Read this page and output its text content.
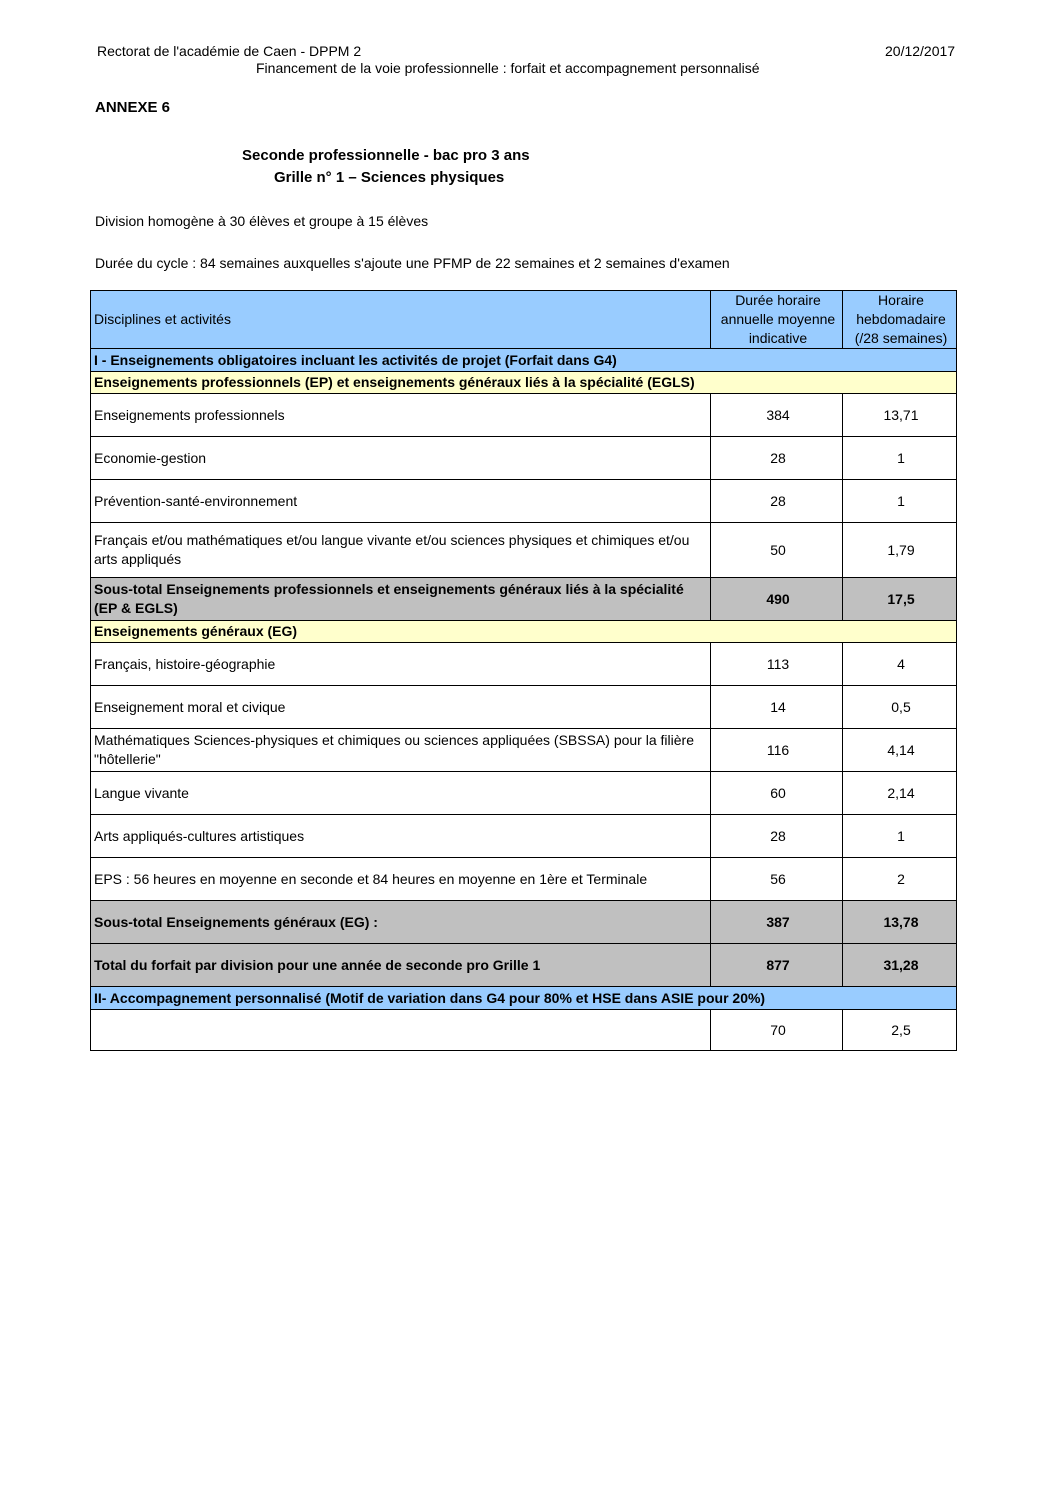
Rectorat de l'académie de Caen - DPPM 2	20/12/2017
Financement de la voie professionnelle : forfait et accompagnement personnalisé
ANNEXE 6
Seconde professionnelle - bac pro 3 ans
Grille n° 1 – Sciences physiques
Division homogène à 30 élèves et groupe à 15 élèves
Durée du cycle : 84 semaines auxquelles s'ajoute une PFMP de 22 semaines et 2 semaines d'examen
Disciplines et activités	Durée horaire annuelle moyenne indicative	Horaire hebdomadaire (/28 semaines)
I - Enseignements obligatoires incluant les activités de projet (Forfait dans G4)		
Enseignements professionnels (EP) et enseignements généraux liés à la spécialité (EGLS)		
Enseignements professionnels	384	13,71
Economie-gestion	28	1
Prévention-santé-environnement	28	1
Français et/ou mathématiques et/ou langue vivante et/ou sciences physiques et chimiques et/ou arts appliqués	50	1,79
Sous-total Enseignements professionnels et enseignements généraux liés à la spécialité (EP & EGLS)	490	17,5
Enseignements généraux (EG)		
Français, histoire-géographie	113	4
Enseignement moral et civique	14	0,5
Mathématiques Sciences-physiques et chimiques ou sciences appliquées (SBSSA) pour la filière "hôtellerie"	116	4,14
Langue vivante	60	2,14
Arts appliqués-cultures artistiques	28	1
EPS : 56 heures en moyenne en seconde et 84 heures en moyenne en 1ère et Terminale	56	2
Sous-total Enseignements généraux (EG) :	387	13,78
Total du forfait par division pour une année de seconde pro Grille 1	877	31,28
II- Accompagnement personnalisé (Motif de variation dans G4 pour 80% et HSE dans ASIE pour 20%)		
	70	2,5
